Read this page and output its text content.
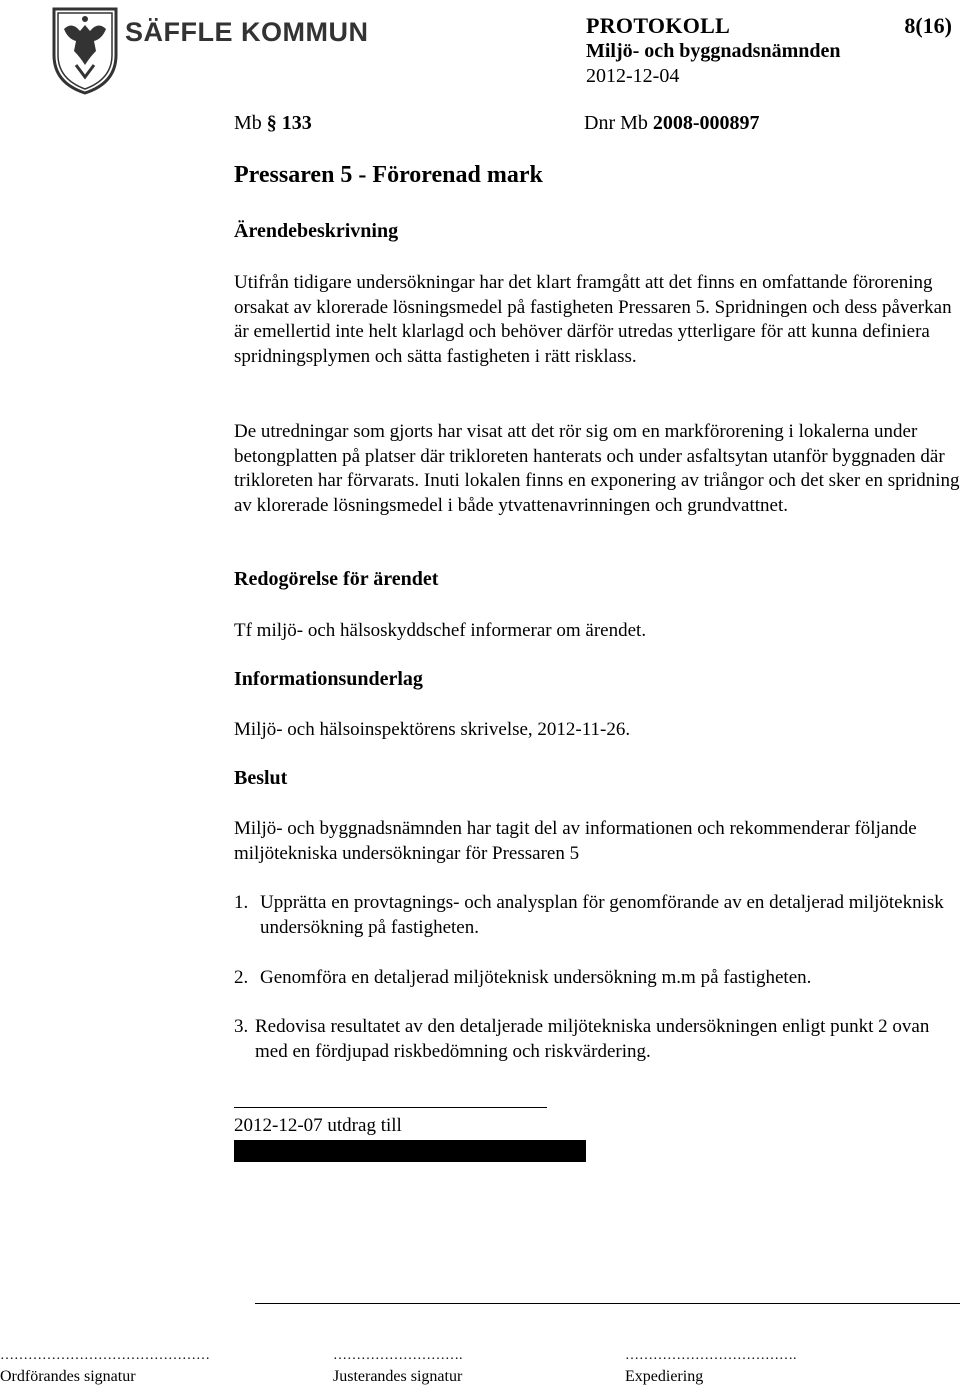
SÄFFLE KOMMUN	PROTOKOLL	8(16)
Miljö- och byggnadsnämnden
2012-12-04
Mb § 133	Dnr Mb 2008-000897
Pressaren 5 - Förorenad mark
Ärendebeskrivning
Utifrån tidigare undersökningar har det klart framgått att det finns en omfattande förorening orsakat av klorerade lösningsmedel på fastigheten Pressaren 5. Spridningen och dess påverkan är emellertid inte helt klarlagd och behöver därför utredas ytterligare för att kunna definiera spridningsplymen och sätta fastigheten i rätt risklass.
De utredningar som gjorts har visat att det rör sig om en markförorening i lokalerna under betongplatten på platser där trikloreten hanterats och under asfaltsytan utanför byggnaden där trikloreten har förvarats. Inuti lokalen finns en exponering av triångor och det sker en spridning av klorerade lösningsmedel i både ytvattenavrinningen och grundvattnet.
Redogörelse för ärendet
Tf miljö- och hälsoskyddschef informerar om ärendet.
Informationsunderlag
Miljö- och hälsoinspektörens skrivelse, 2012-11-26.
Beslut
Miljö- och byggnadsnämnden har tagit del av informationen och rekommenderar följande miljötekniska undersökningar för Pressaren 5
1. Upprätta en provtagnings- och analysplan för genomförande av en detaljerad miljöteknisk undersökning på fastigheten.
2. Genomföra en detaljerad miljöteknisk undersökning m.m på fastigheten.
3. Redovisa resultatet av den detaljerade miljötekniska undersökningen enligt punkt 2 ovan med en fördjupad riskbedömning och riskvärdering.
2012-12-07 utdrag till
………………………………………	……………………….	……………………………….
Ordförandes signatur	Justerandes signatur	Expediering
